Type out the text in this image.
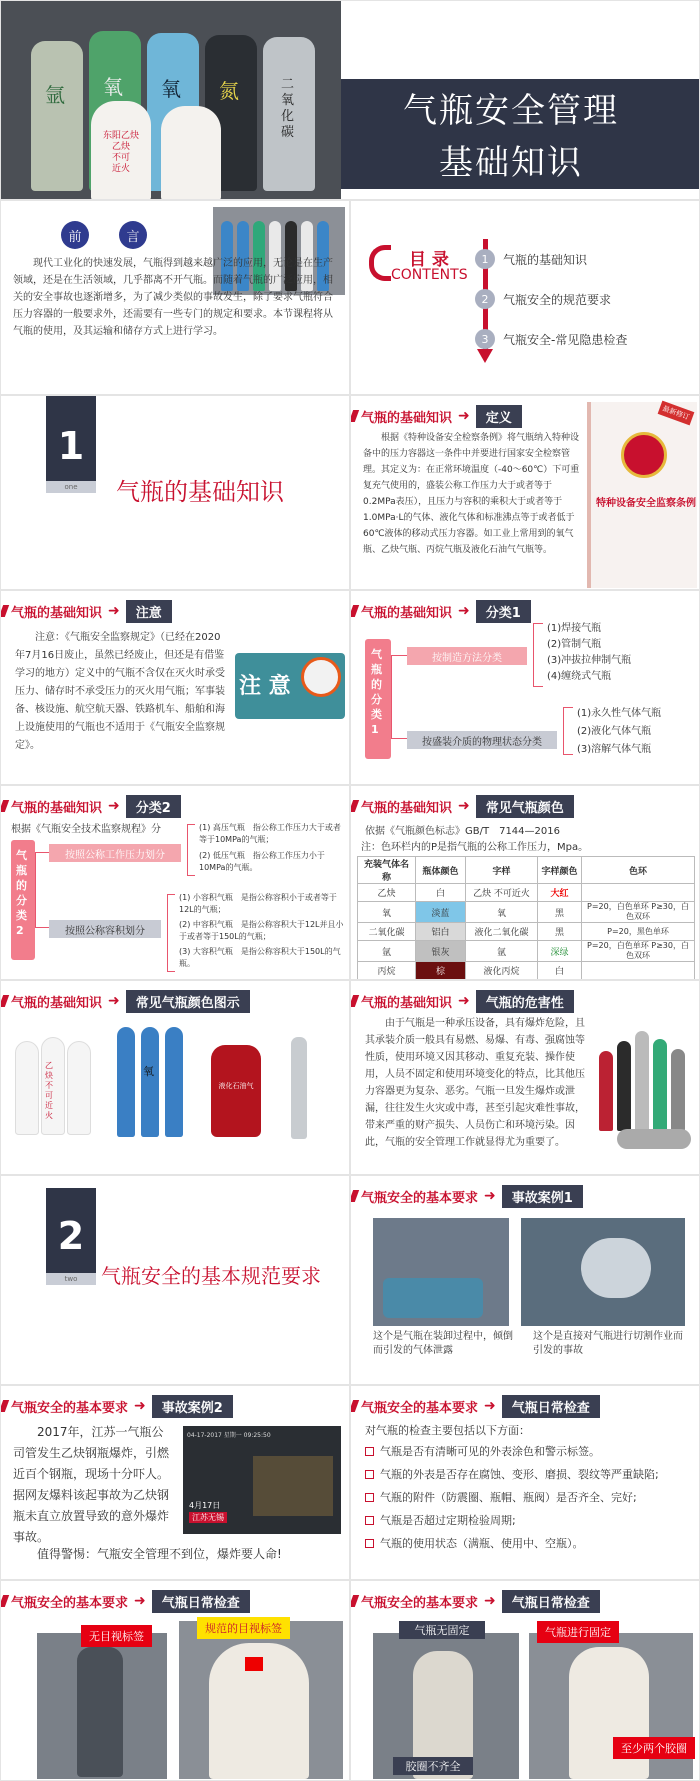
氩 氧 氧 氮	二氧化碳
东阳乙炔
乙炔
不可
近火
气瓶安全管理
基础知识
前	言
现代工业化的快速发展，气瓶得到越来越广泛的应用，无论是在生产领域，还是在生活领域，几乎都离不开气瓶。而随着气瓶的广泛应用，相关的安全事故也逐渐增多，为了减少类似的事故发生，除了要求气瓶符合压力容器的一般要求外，还需要有一些专门的规定和要求。本节课程将从气瓶的使用，及其运输和储存方式上进行学习。
目 录
CONTENTS
1	气瓶的基础知识
2	气瓶安全的规范要求
3	气瓶安全-常见隐患检查
1
one	气瓶的基础知识
气瓶的基础知识 ➜	定义
根据《特种设备安全检察条例》将气瓶纳入特种设备中的压力容器这一条件中并要进行国家安全检察管理。其定义为：在正常环境温度（-40～60℃）下可重复充气使用的，盛装公称工作压力大于或者等于0.2MPa表压），且压力与容积的乘积大于或者等于1.0MPa·L的气体、液化气体和标准沸点等于或者低于60℃液体的移动式压力容器。如工业上常用到的氧气瓶、乙炔气瓶、丙烷气瓶及液化石油气气瓶等。
最新修订
特种设备安全监察条例
气瓶的基础知识 ➜	注意
注意：《气瓶安全监察规定》（已经在2020年7月16日废止，虽然已经废止，但还是有借鉴学习的地方）定义中的气瓶不含仅在灭火时承受压力、储存时不承受压力的灭火用气瓶；军事装备、核设施、航空航天器、铁路机车、船舶和海上设施使用的气瓶也不适用于《气瓶安全监察规定》。
注 意
气瓶的基础知识 ➜	分类1
气瓶的分类1
按制造方法分类
按盛装介质的物理状态分类
(1)焊接气瓶
(2)管制气瓶
(3)冲拔拉伸制气瓶
(4)缠绕式气瓶
(1)永久性气体气瓶
(2)液化气体气瓶
(3)溶解气体气瓶
气瓶的基础知识 ➜	分类2
根据《气瓶安全技术监察规程》分
气瓶的分类2
按照公称工作压力划分
按照公称容积划分
(1) 高压气瓶　指公称工作压力大于或者等于10MPa的气瓶；
(2) 低压气瓶　指公称工作压力小于10MPa的气瓶。
(1) 小容积气瓶　是指公称容积小于或者等于12L的气瓶；
(2) 中容积气瓶　是指公称容积大于12L并且小于或者等于150L的气瓶；
(3) 大容积气瓶　是指公称容积大于150L的气瓶。
气瓶的基础知识 ➜	常见气瓶颜色
依据《气瓶颜色标志》GB/T　7144—2016
注：色环栏内的P是指气瓶的公称工作压力，Mpa。
充装气体名称	瓶体颜色	字样	字样颜色	色环
乙炔	白	乙炔 不可近火	大红	
氧	淡蓝	氧	黑	P=20，白色单环 P≥30，白色双环
二氧化碳	铝白	液化二氧化碳	黑	P=20，黑色单环
氩	银灰	氩	深绿	P=20，白色单环 P≥30，白色双环
丙烷	棕	液化丙烷	白	
气瓶的基础知识 ➜	常见气瓶颜色图示
乙炔 不可近火
氧
液化石油气
气瓶的基础知识 ➜	气瓶的危害性
由于气瓶是一种承压设备，具有爆炸危险，且其承装介质一般具有易燃、易爆、有毒、强腐蚀等性质，使用环境又因其移动、重复充装、操作使用，人员不固定和使用环境变化的特点，比其他压力容器更为复杂、恶劣。气瓶一旦发生爆炸或泄漏，往往发生火灾或中毒，甚至引起灾难性事故，带来严重的财产损失、人员伤亡和环境污染。因此，气瓶的安全管理工作就显得尤为重要了。
2
two	气瓶安全的基本规范要求
气瓶安全的基本要求 ➜	事故案例1
这个是气瓶在装卸过程中，倾倒而引发的气体泄露
这个是直接对气瓶进行切割作业而引发的事故
气瓶安全的基本要求 ➜	事故案例2
2017年，江苏一气瓶公司管发生乙炔钢瓶爆炸，引燃近百个钢瓶，现场十分吓人。据网友爆料该起事故为乙炔钢瓶未直立放置导致的意外爆炸事故。
值得警惕：气瓶安全管理不到位，爆炸要人命!
04-17-2017 星期一 09:25:50
4月17日
江苏无锡
气瓶安全的基本要求 ➜	气瓶日常检查
对气瓶的检查主要包括以下方面：
气瓶是否有清晰可见的外表涂色和警示标签。
气瓶的外表是否存在腐蚀、变形、磨损、裂纹等严重缺陷;
气瓶的附件（防震圈、瓶帽、瓶阀）是否齐全、完好;
气瓶是否超过定期检验周期;
气瓶的使用状态（满瓶、使用中、空瓶）。
气瓶安全的基本要求 ➜	气瓶日常检查
无目视标签
规范的目视标签
气瓶安全的基本要求 ➜	气瓶日常检查
气瓶无固定	气瓶进行固定
胶圈不齐全
至少两个胶圈
